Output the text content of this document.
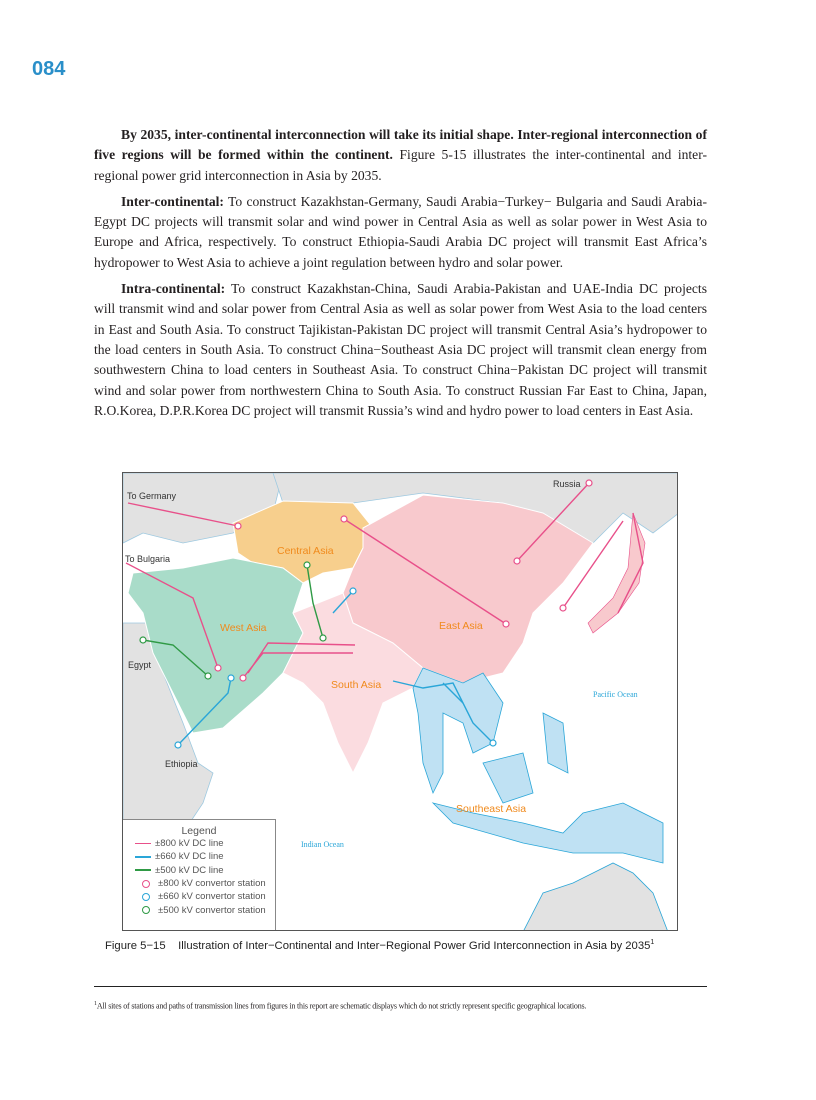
084

By 2035, inter-continental interconnection will take its initial shape. Inter-regional interconnection of five regions will be formed within the continent. Figure 5-15 illustrates the inter-continental and inter-regional power grid interconnection in Asia by 2035.

Inter-continental: To construct Kazakhstan-Germany, Saudi Arabia−Turkey− Bulgaria and Saudi Arabia-Egypt DC projects will transmit solar and wind power in Central Asia as well as solar power in West Asia to Europe and Africa, respectively. To construct Ethiopia-Saudi Arabia DC project will transmit East Africa’s hydropower to West Asia to achieve a joint regulation between hydro and solar power.

Intra-continental: To construct Kazakhstan-China, Saudi Arabia-Pakistan and UAE-India DC projects will transmit wind and solar power from Central Asia as well as solar power from West Asia to the load centers in East and South Asia. To construct Tajikistan-Pakistan DC project will transmit Central Asia’s hydropower to the load centers in South Asia. To construct China−Southeast Asia DC project will transmit clean energy from southwestern China to load centers in Southeast Asia. To construct China−Pakistan DC project will transmit wind and solar power from northwestern China to South Asia. To construct Russian Far East to China, Japan, R.O.Korea, D.P.R.Korea DC project will transmit Russia’s wind and hydro power to load centers in East Asia.

To Germany
To Bulgaria
Egypt
Ethiopia
Russia
Central Asia
West Asia	East Asia
South Asia
Southeast Asia
Pacific Ocean
Indian Ocean
Legend
±800 kV DC line
±660 kV DC line
±500 kV DC line
±800 kV convertor station
±660 kV convertor station
±500 kV convertor station
Figure 5−15    Illustration of Inter−Continental and Inter−Regional Power Grid Interconnection in Asia by 2035$^1$
$^1$All sites of stations and paths of transmission lines from figures in this report are schematic displays which do not strictly represent specific geographical locations.
